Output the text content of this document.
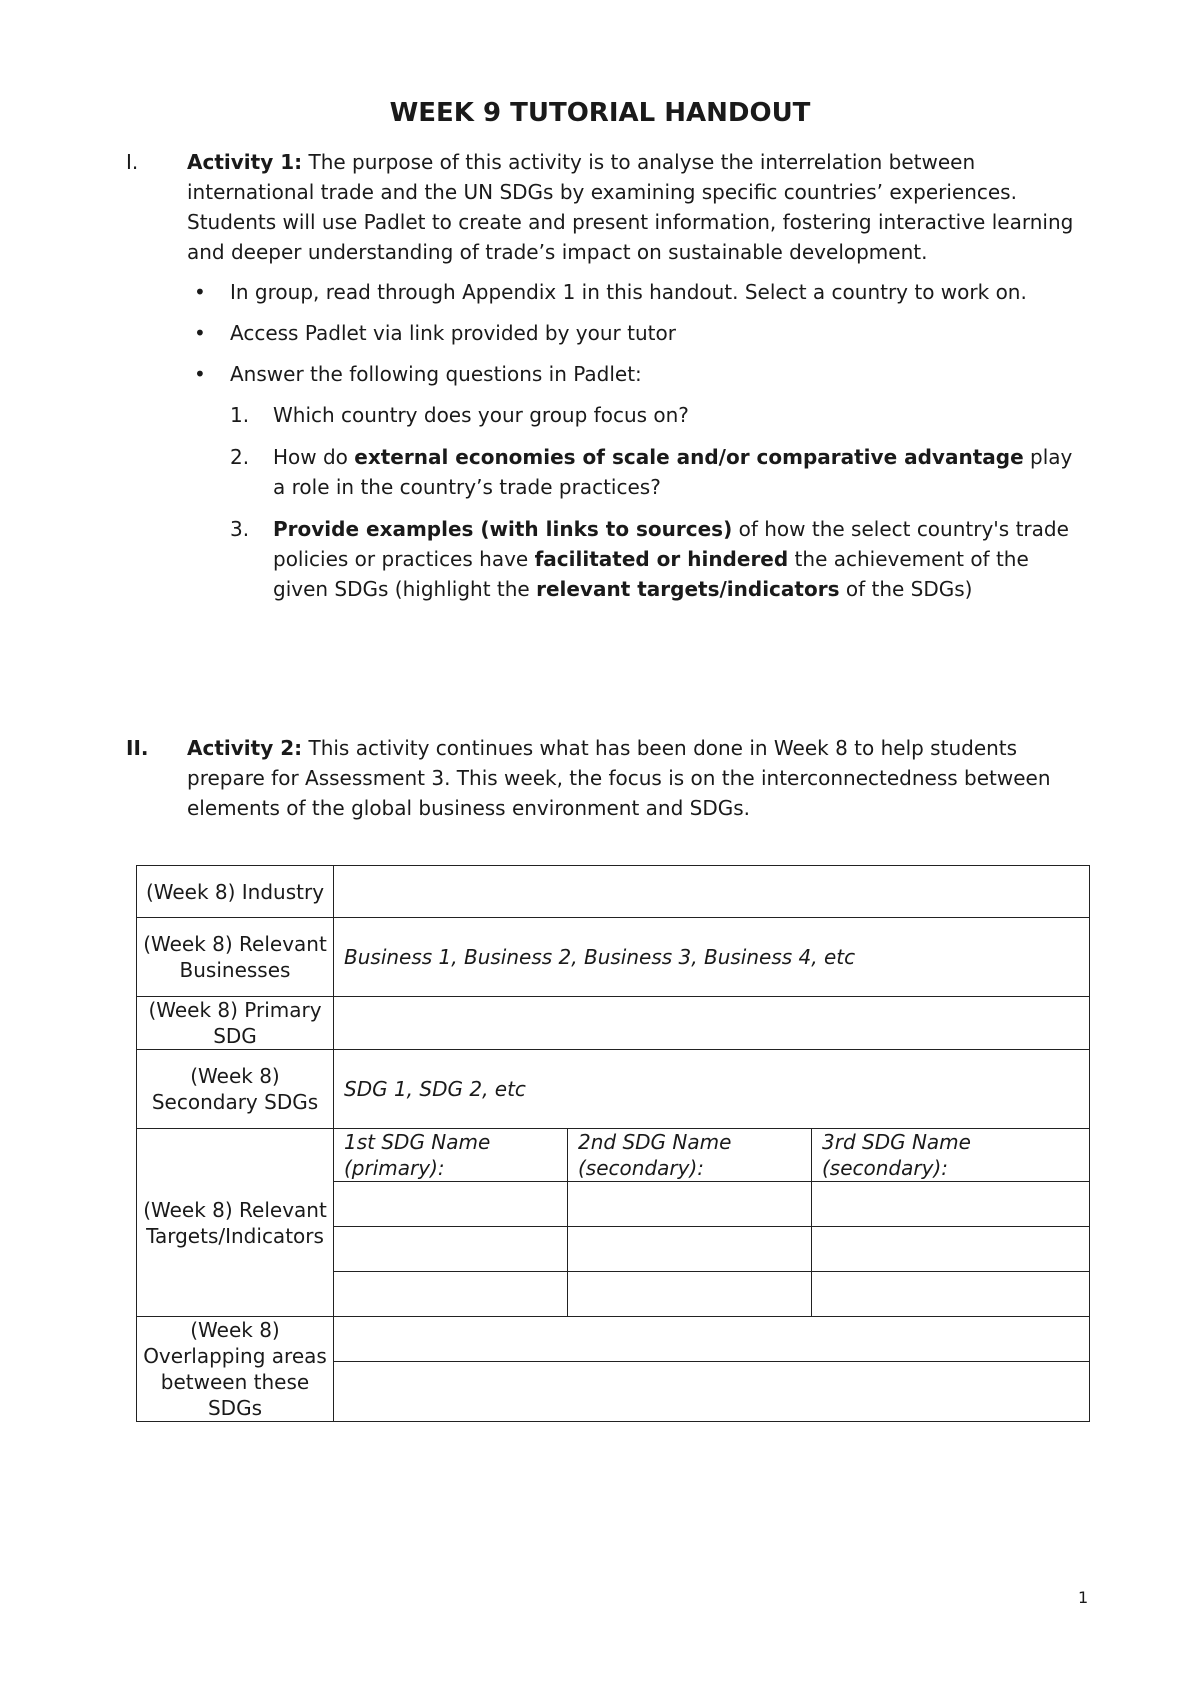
WEEK 9 TUTORIAL HANDOUT
I. Activity 1: The purpose of this activity is to analyse the interrelation between international trade and the UN SDGs by examining specific countries’ experiences. Students will use Padlet to create and present information, fostering interactive learning and deeper understanding of trade’s impact on sustainable development.

• In group, read through Appendix 1 in this handout. Select a country to work on.
• Access Padlet via link provided by your tutor
• Answer the following questions in Padlet:
1. Which country does your group focus on?
2. How do external economies of scale and/or comparative advantage play a role in the country’s trade practices?
3. Provide examples (with links to sources) of how the select country's trade policies or practices have facilitated or hindered the achievement of the given SDGs (highlight the relevant targets/indicators of the SDGs)
II. Activity 2: This activity continues what has been done in Week 8 to help students prepare for Assessment 3. This week, the focus is on the interconnectedness between elements of the global business environment and SDGs.

(Week 8) Industry			
(Week 8) Relevant Businesses	Business 1, Business 2, Business 3, Business 4, etc		
(Week 8) Primary SDG			
(Week 8) Secondary SDGs	SDG 1, SDG 2, etc		
(Week 8) Relevant Targets/Indicators	1st SDG Name (primary):	2nd SDG Name (secondary):	3rd SDG Name (secondary):

(Week 8) Overlapping areas between these SDGs			

1
